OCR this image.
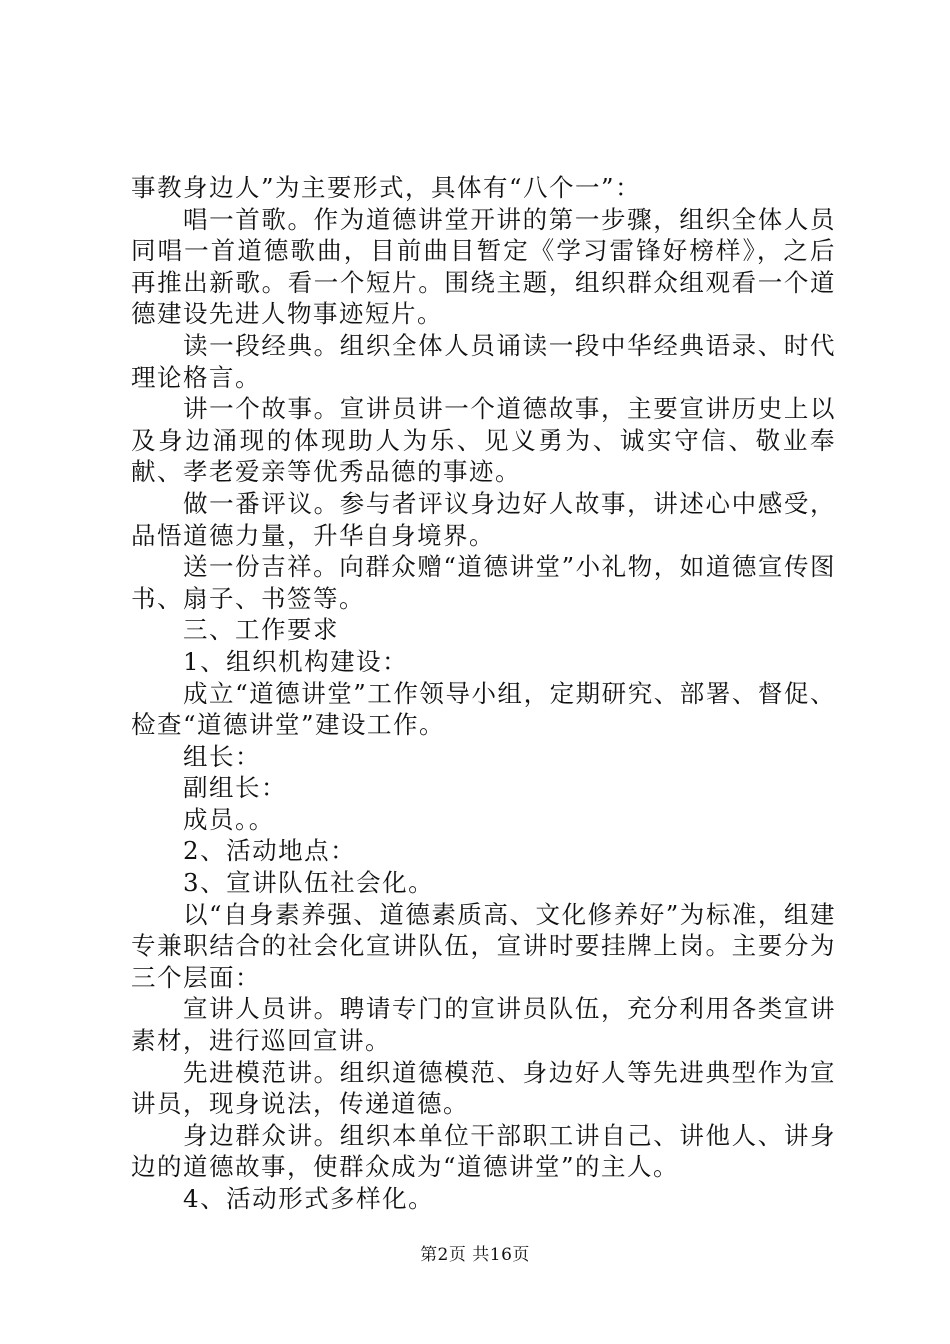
事教身边人”为主要形式，具体有“八个一”：

唱一首歌。作为道德讲堂开讲的第一步骤，组织全体人员同唱一首道德歌曲，目前曲目暂定《学习雷锋好榜样》，之后再推出新歌。看一个短片。围绕主题，组织群众组观看一个道德建设先进人物事迹短片。

读一段经典。组织全体人员诵读一段中华经典语录、时代理论格言。

讲一个故事。宣讲员讲一个道德故事，主要宣讲历史上以及身边涌现的体现助人为乐、见义勇为、诚实守信、敬业奉献、孝老爱亲等优秀品德的事迹。

做一番评议。参与者评议身边好人故事，讲述心中感受，品悟道德力量，升华自身境界。

送一份吉祥。向群众赠“道德讲堂”小礼物，如道德宣传图书、扇子、书签等。

三、工作要求

1、组织机构建设：

成立“道德讲堂”工作领导小组，定期研究、部署、督促、检查“道德讲堂”建设工作。

组长：

副组长：

成员。。

2、活动地点：

3、宣讲队伍社会化。

以“自身素养强、道德素质高、文化修养好”为标准，组建专兼职结合的社会化宣讲队伍，宣讲时要挂牌上岗。主要分为三个层面：

宣讲人员讲。聘请专门的宣讲员队伍，充分利用各类宣讲素材，进行巡回宣讲。

先进模范讲。组织道德模范、身边好人等先进典型作为宣讲员，现身说法，传递道德。

身边群众讲。组织本单位干部职工讲自己、讲他人、讲身边的道德故事，使群众成为“道德讲堂”的主人。

4、活动形式多样化。

第2页 共16页
